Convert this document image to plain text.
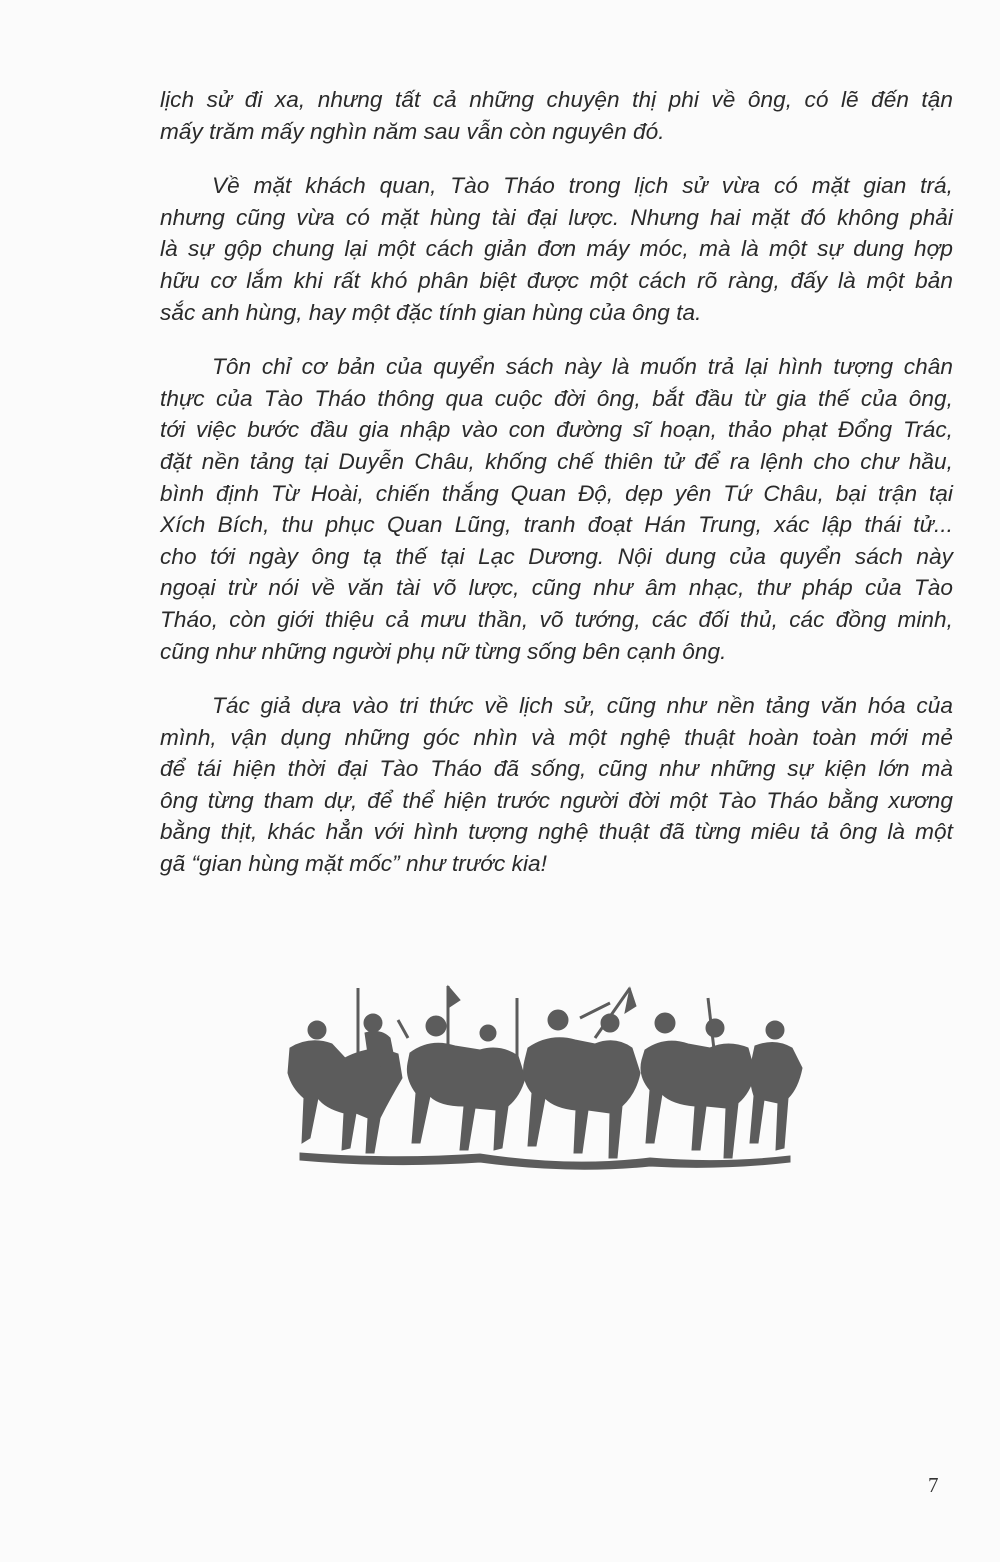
lịch sử đi xa, nhưng tất cả những chuyện thị phi về ông, có lẽ đến tận
mấy trăm mấy nghìn năm sau vẫn còn nguyên đó.

Về mặt khách quan, Tào Tháo trong lịch sử vừa có mặt gian trá,
nhưng cũng vừa có mặt hùng tài đại lược. Nhưng hai mặt đó không phải
là sự gộp chung lại một cách giản đơn máy móc, mà là một sự dung hợp
hữu cơ lắm khi rất khó phân biệt được một cách rõ ràng, đấy là một bản
sắc anh hùng, hay một đặc tính gian hùng của ông ta.

Tôn chỉ cơ bản của quyển sách này là muốn trả lại hình tượng chân
thực của Tào Tháo thông qua cuộc đời ông, bắt đầu từ gia thế của ông,
tới việc bước đầu gia nhập vào con đường sĩ hoạn, thảo phạt Đổng Trác,
đặt nền tảng tại Duyễn Châu, khống chế thiên tử để ra lệnh cho chư hầu,
bình định Từ Hoài, chiến thắng Quan Độ, dẹp yên Tứ Châu, bại trận tại
Xích Bích, thu phục Quan Lũng, tranh đoạt Hán Trung, xác lập thái tử...
cho tới ngày ông tạ thế tại Lạc Dương. Nội dung của quyển sách này
ngoại trừ nói về văn tài võ lược, cũng như âm nhạc, thư pháp của Tào
Tháo, còn giới thiệu cả mưu thần, võ tướng, các đối thủ, các đồng minh,
cũng như những người phụ nữ từng sống bên cạnh ông.

Tác giả dựa vào tri thức về lịch sử, cũng như nền tảng văn hóa của
mình, vận dụng những góc nhìn và một nghệ thuật hoàn toàn mới mẻ
để tái hiện thời đại Tào Tháo đã sống, cũng như những sự kiện lớn mà
ông từng tham dự, để thể hiện trước người đời một Tào Tháo bằng xương
bằng thịt, khác hẳn với hình tượng nghệ thuật đã từng miêu tả ông là một
gã “gian hùng mặt mốc” như trước kia!

7
